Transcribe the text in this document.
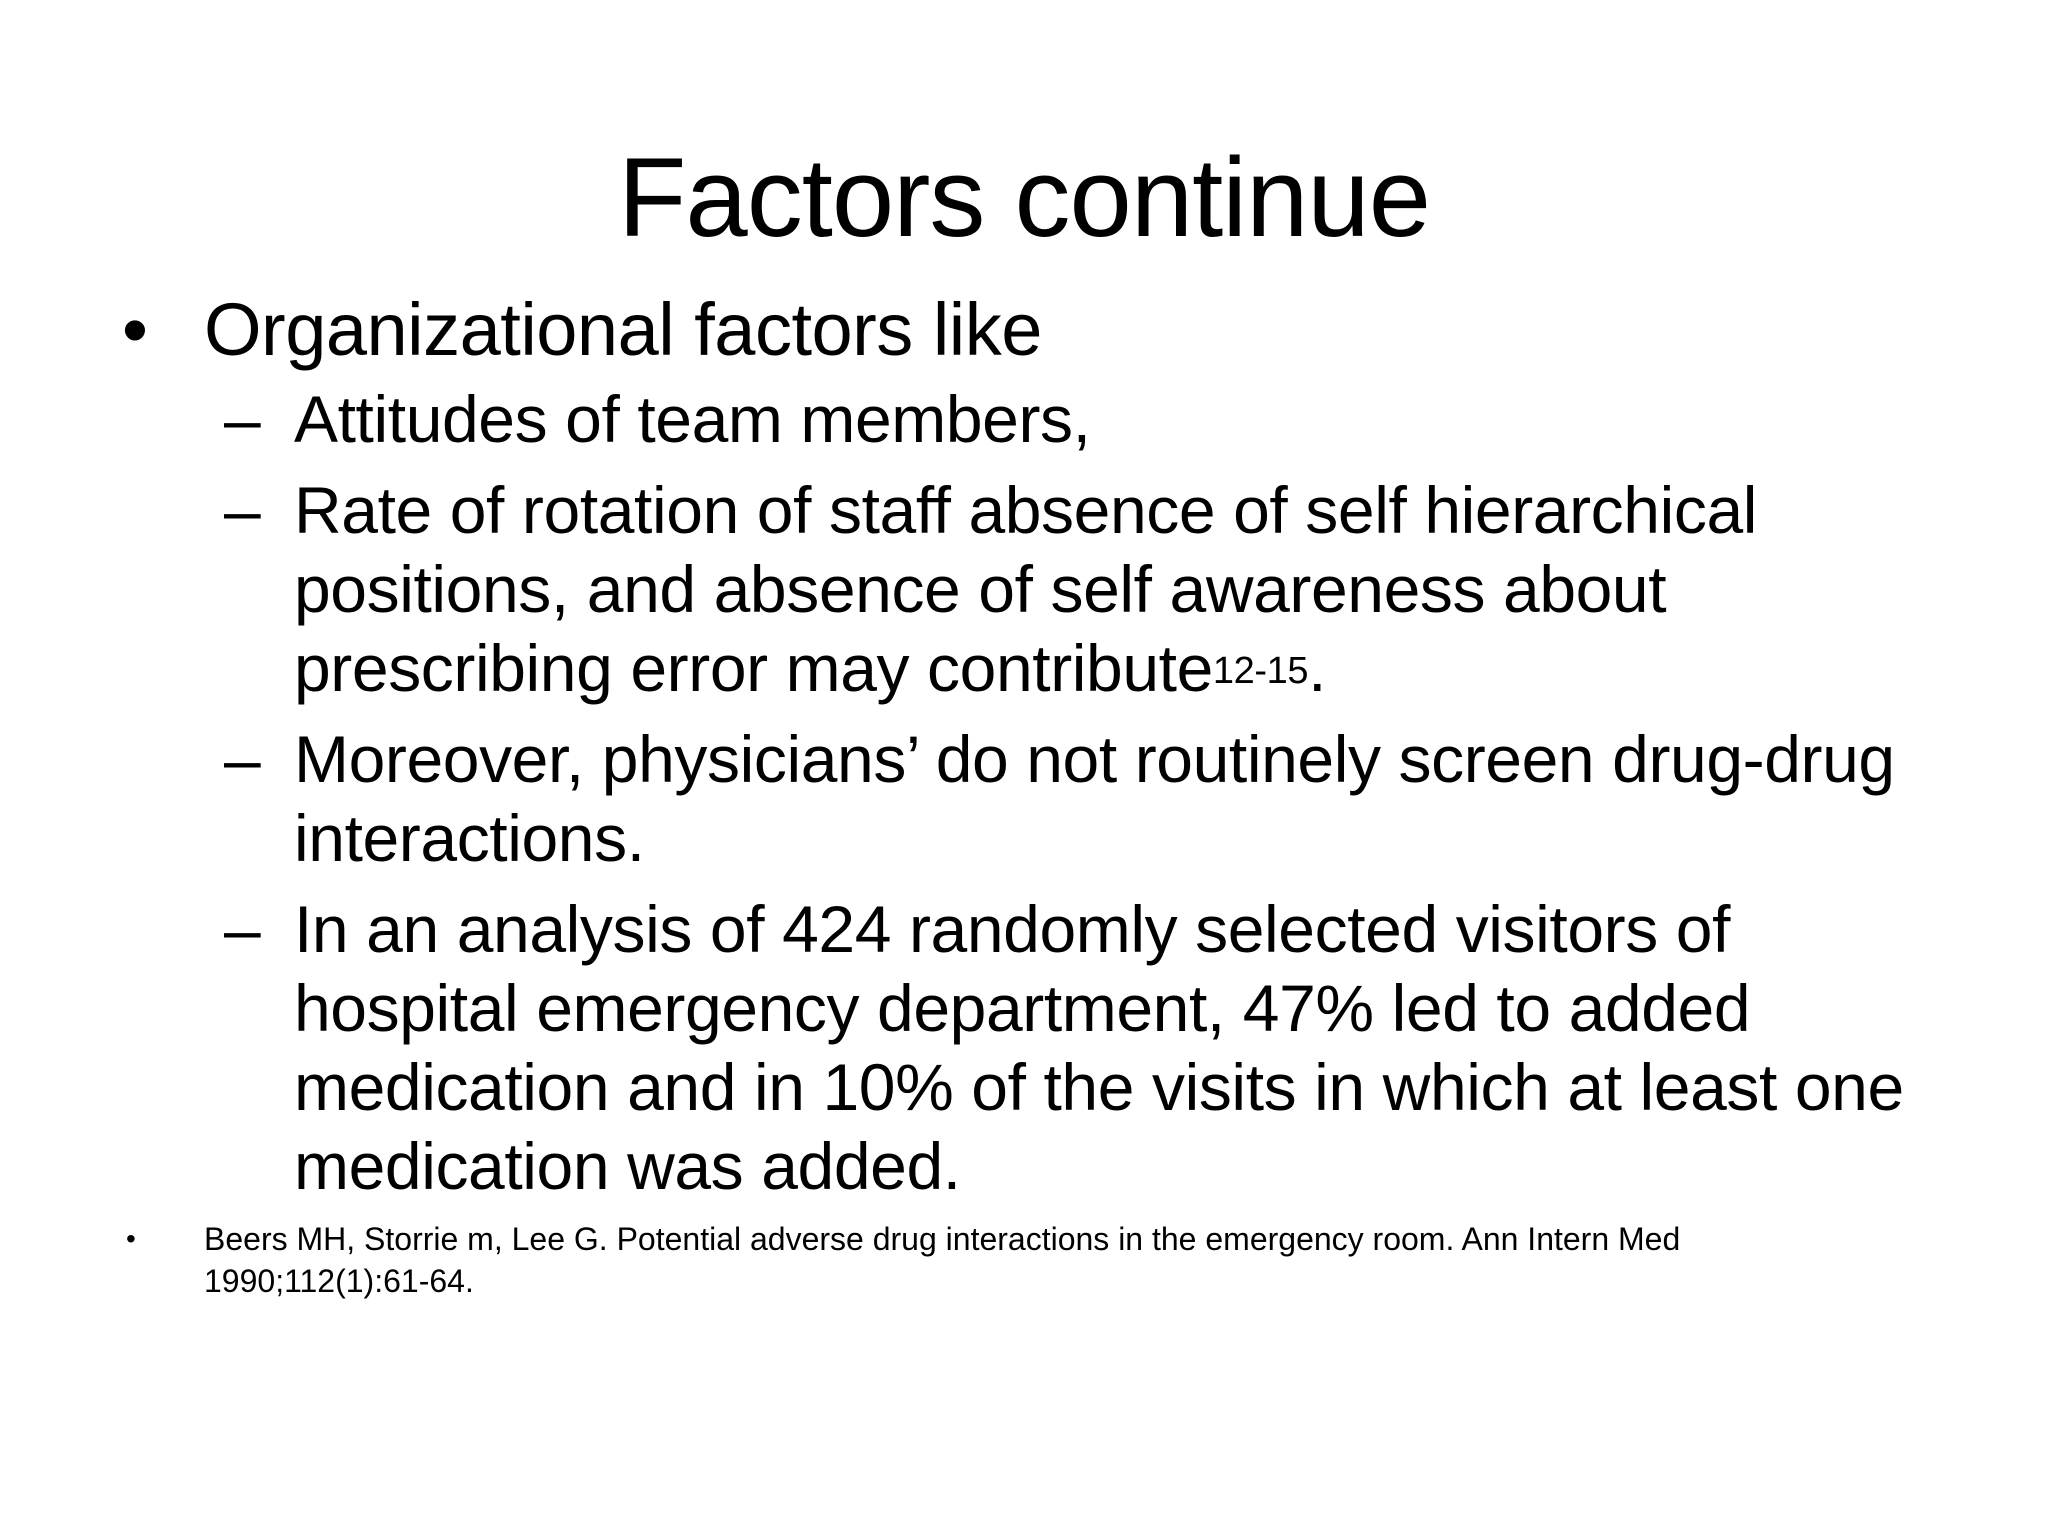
Factors continue
• Organizational factors like
– Attitudes of team members,
– Rate of rotation of staff absence of self hierarchical positions, and absence of self awareness about prescribing error may contribute$^{12-15}$.
– Moreover, physicians’ do not routinely screen drug-drug interactions.
– In an analysis of 424 randomly selected visitors of hospital emergency department, 47% led to added medication and in 10% of the visits in which at least one medication was added.
• Beers MH, Storrie m, Lee G. Potential adverse drug interactions in the emergency room. Ann Intern Med 1990;112(1):61-64.
